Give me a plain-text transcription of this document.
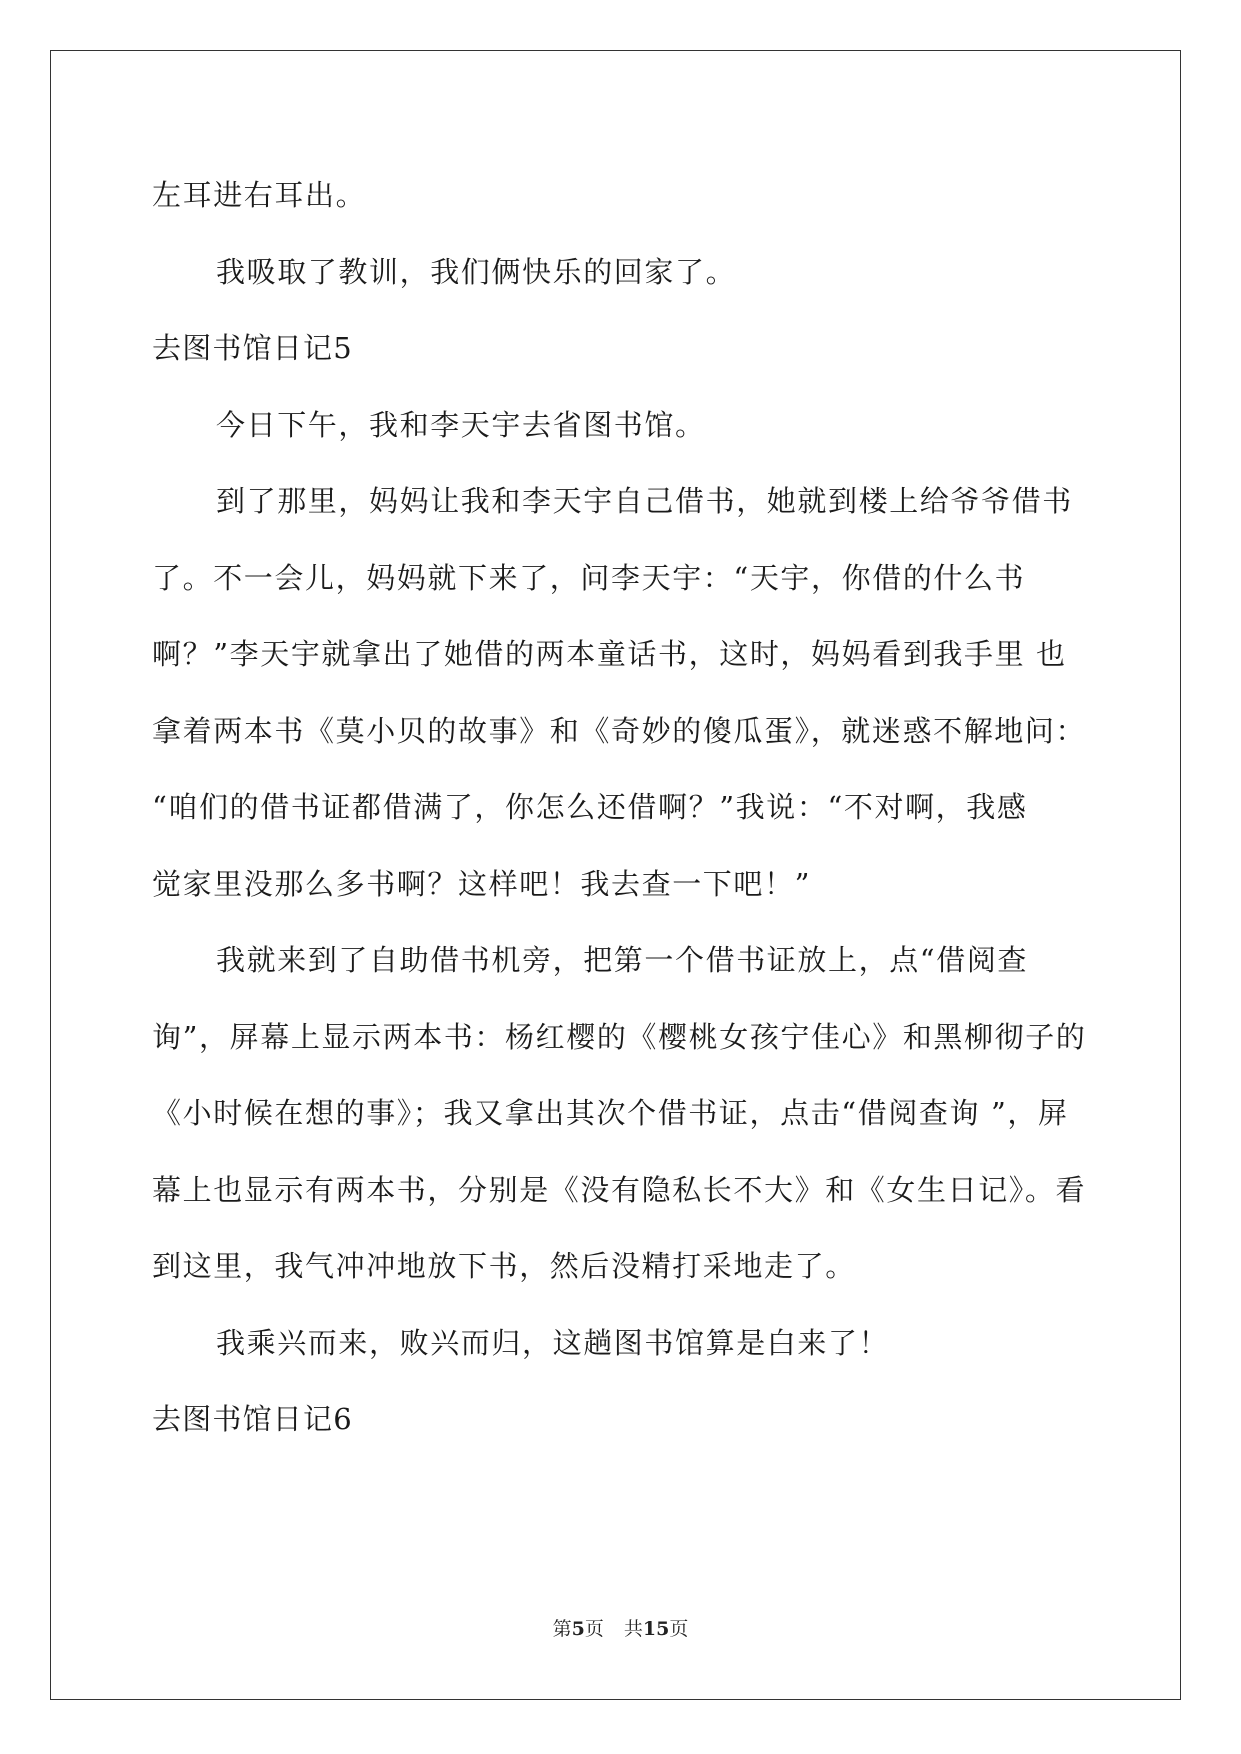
左耳进右耳出。
我吸取了教训，我们俩快乐的回家了。
去图书馆日记5
今日下午，我和李天宇去省图书馆。
到了那里，妈妈让我和李天宇自己借书，她就到楼上给爷爷借书
了。不一会儿，妈妈就下来了，问李天宇：“天宇，你借的什么书
啊？”李天宇就拿出了她借的两本童话书，这时，妈妈看到我手里 也
拿着两本书《莫小贝的故事》和《奇妙的傻瓜蛋》，就迷惑不解地问：
“咱们的借书证都借满了，你怎么还借啊？”我说：“不对啊，我感
觉家里没那么多书啊？这样吧！我去查一下吧！”
我就来到了自助借书机旁，把第一个借书证放上，点“借阅查
询”，屏幕上显示两本书：杨红樱的《樱桃女孩宁佳心》和黑柳彻子的
《小时候在想的事》；我又拿出其次个借书证，点击“借阅查询 ”，屏
幕上也显示有两本书，分别是《没有隐私长不大》和《女生日记》。看
到这里，我气冲冲地放下书，然后没精打采地走了。
我乘兴而来，败兴而归，这趟图书馆算是白来了！
去图书馆日记6
第5页 共15页
